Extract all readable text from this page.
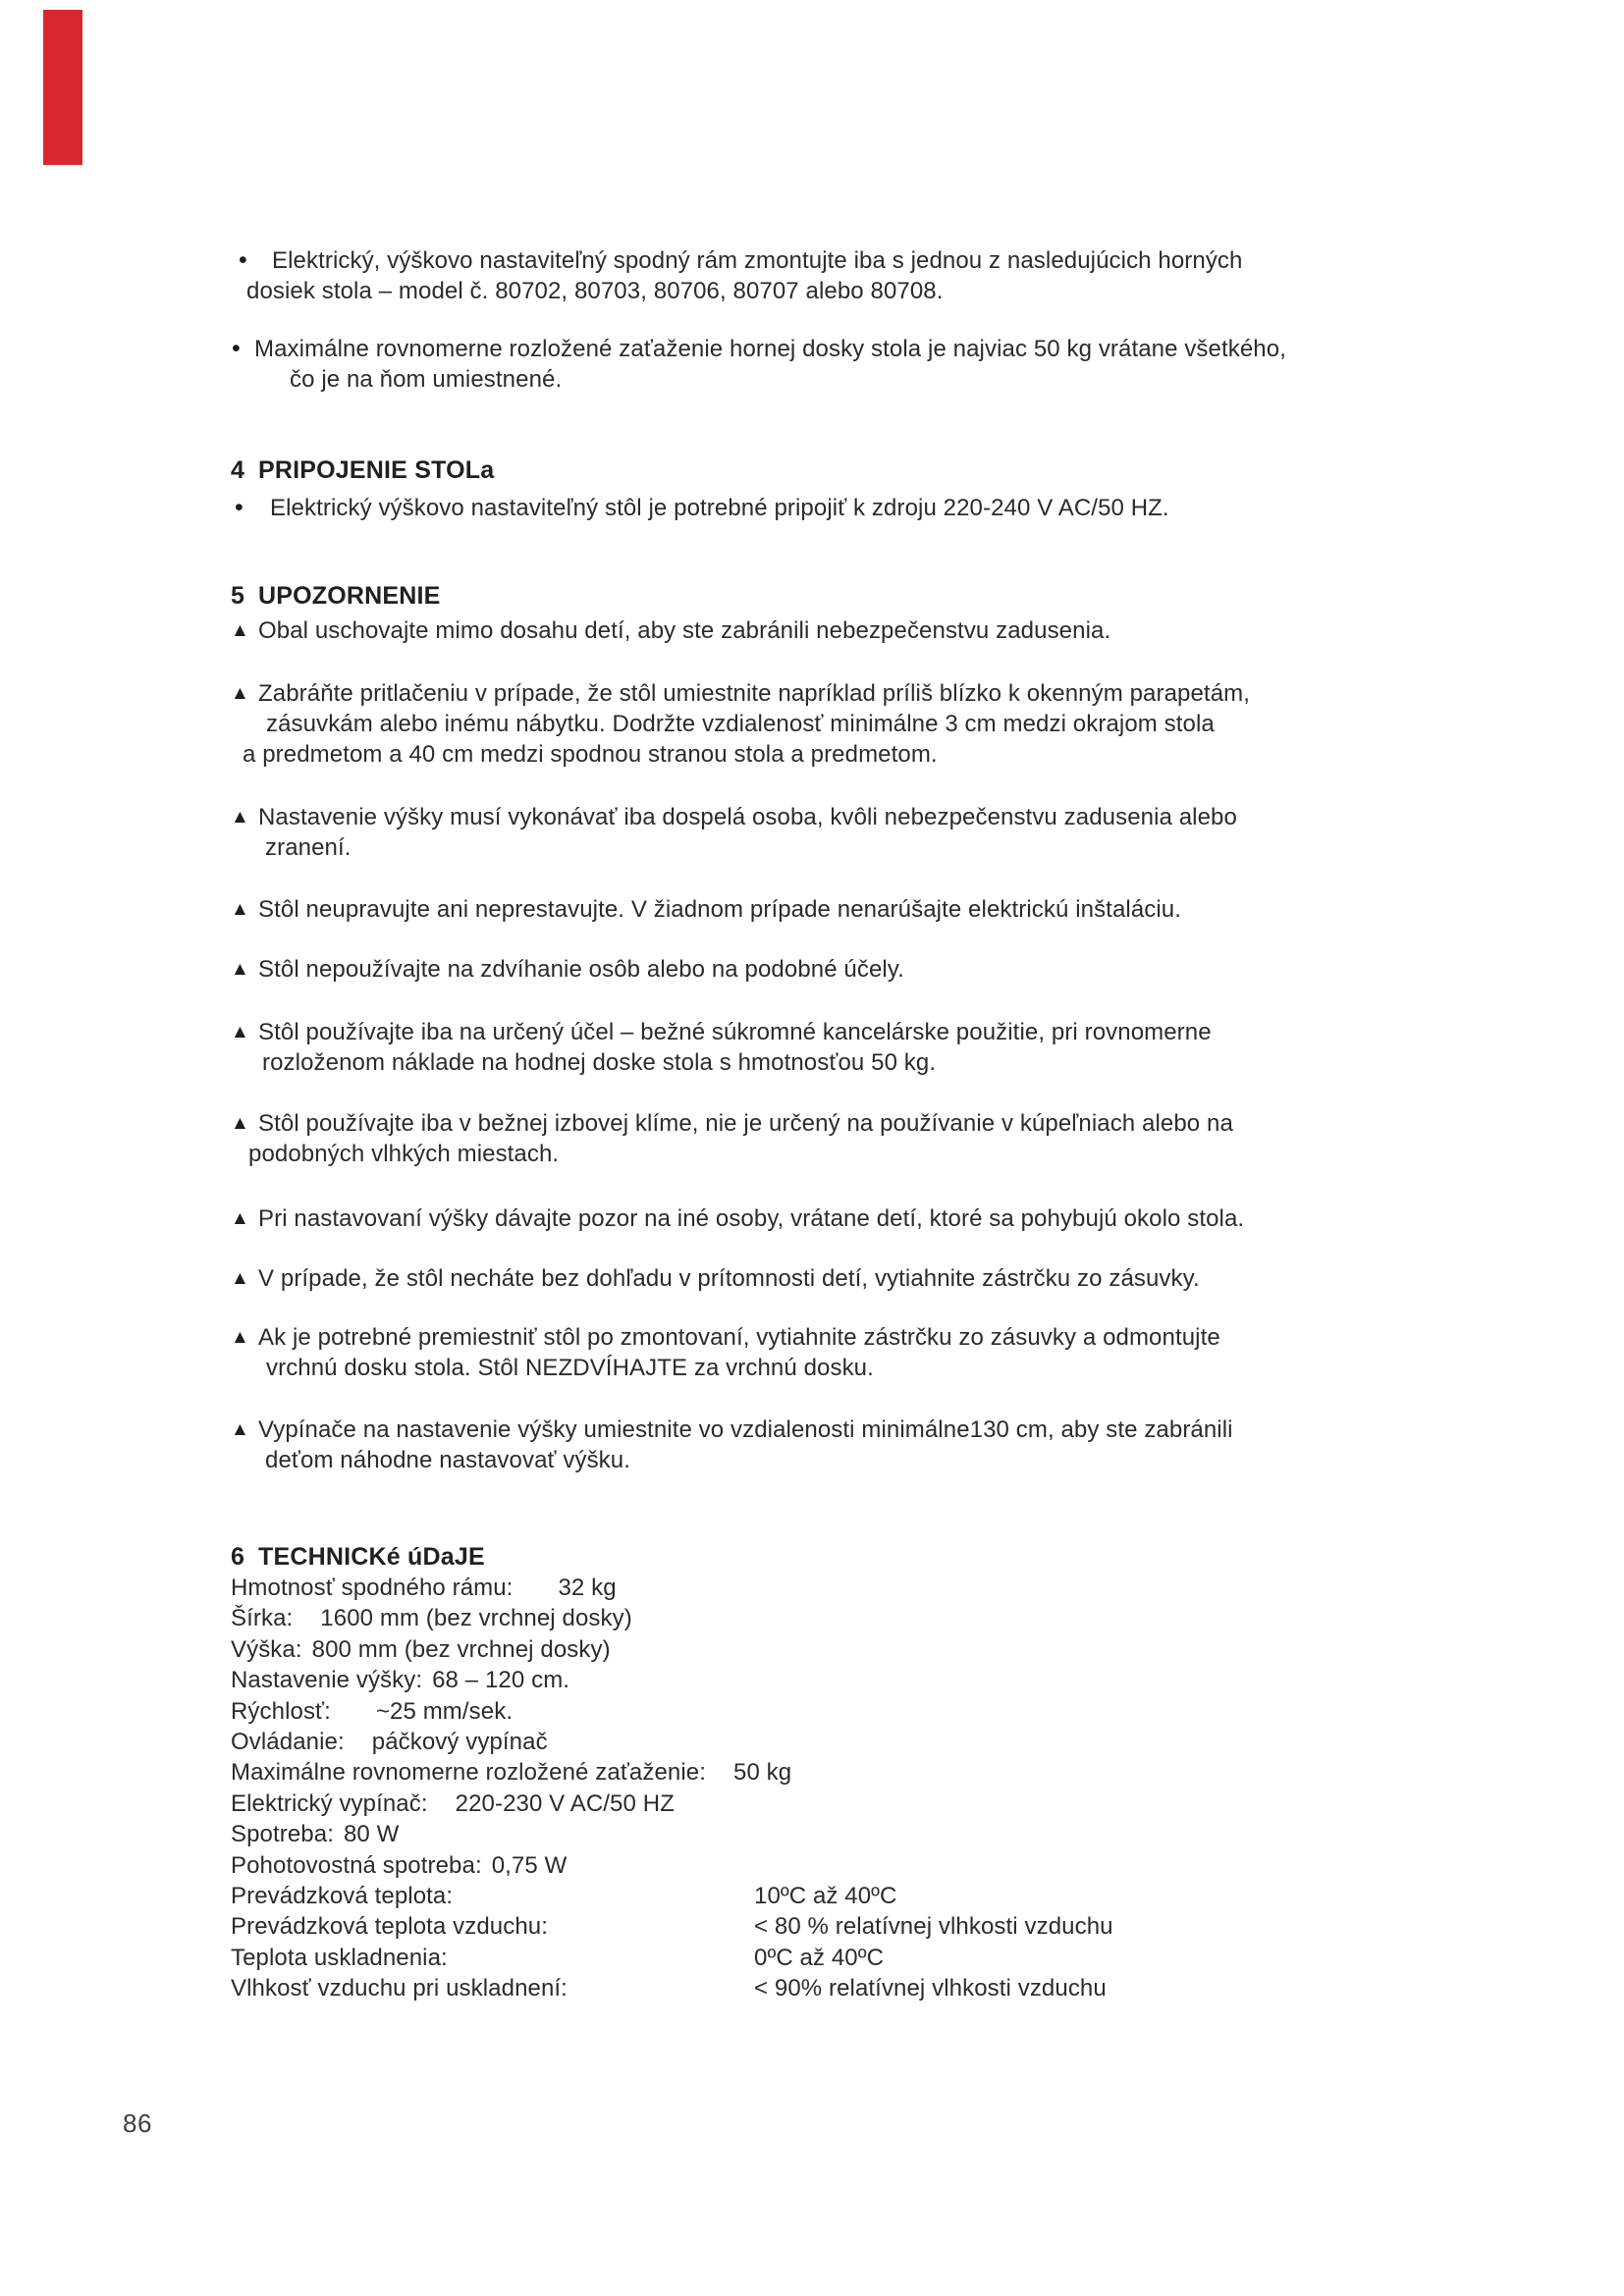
•	Elektrický, výškovo nastaviteľný spodný rám zmontujte iba s jednou z nasledujúcich horných
dosiek stola – model č. 80702, 80703, 80706, 80707 alebo 80708.
• Maximálne rovnomerne rozložené zaťaženie hornej dosky stola je najviac 50 kg vrátane všetkého,
čo je na ňom umiestnené.
4 PRIPOJENIE STOLa
•	Elektrický výškovo nastaviteľný stôl je potrebné pripojiť k zdroju 220-240 V AC/50 HZ.
5 UPOZORNENIE
▲ Obal uschovajte mimo dosahu detí, aby ste zabránili nebezpečenstvu zadusenia.
▲ Zabráňte pritlačeniu v prípade, že stôl umiestnite napríklad príliš blízko k okenným parapetám,
zásuvkám alebo inému nábytku. Dodržte vzdialenosť minimálne 3 cm medzi okrajom stola
a predmetom a 40 cm medzi spodnou stranou stola a predmetom.
▲ Nastavenie výšky musí vykonávať iba dospelá osoba, kvôli nebezpečenstvu zadusenia alebo
zranení.
▲ Stôl neupravujte ani neprestavujte. V žiadnom prípade nenarúšajte elektrickú inštaláciu.
▲ Stôl nepoužívajte na zdvíhanie osôb alebo na podobné účely.
▲ Stôl používajte iba na určený účel – bežné súkromné kancelárske použitie, pri rovnomerne
rozloženom náklade na hodnej doske stola s hmotnosťou 50 kg.
▲ Stôl používajte iba v bežnej izbovej klíme, nie je určený na používanie v kúpeľniach alebo na
podobných vlhkých miestach.
▲ Pri nastavovaní výšky dávajte pozor na iné osoby, vrátane detí, ktoré sa pohybujú okolo stola.
▲ V prípade, že stôl necháte bez dohľadu v prítomnosti detí, vytiahnite zástrčku zo zásuvky.
▲ Ak je potrebné premiestniť stôl po zmontovaní, vytiahnite zástrčku zo zásuvky a odmontujte
vrchnú dosku stola. Stôl NEZDVÍHAJTE za vrchnú dosku.
▲ Vypínače na nastavenie výšky umiestnite vo vzdialenosti minimálne130 cm, aby ste zabránili
deťom náhodne nastavovať výšku.
6 TECHNICKé úDaJE
Hmotnosť spodného rámu: 32 kg
Šírka: 1600 mm (bez vrchnej dosky)
Výška: 800 mm (bez vrchnej dosky)
Nastavenie výšky: 68 – 120 cm.
Rýchlosť: ~25 mm/sek.
Ovládanie: páčkový vypínač
Maximálne rovnomerne rozložené zaťaženie: 50 kg
Elektrický vypínač: 220-230 V AC/50 HZ
Spotreba: 80 W
Pohotovostná spotreba: 0,75 W
Prevádzková teplota:	10ºC až 40ºC
Prevádzková teplota vzduchu:	< 80 % relatívnej vlhkosti vzduchu
Teplota uskladnenia:	0ºC až 40ºC
Vlhkosť vzduchu pri uskladnení:	< 90% relatívnej vlhkosti vzduchu
86
